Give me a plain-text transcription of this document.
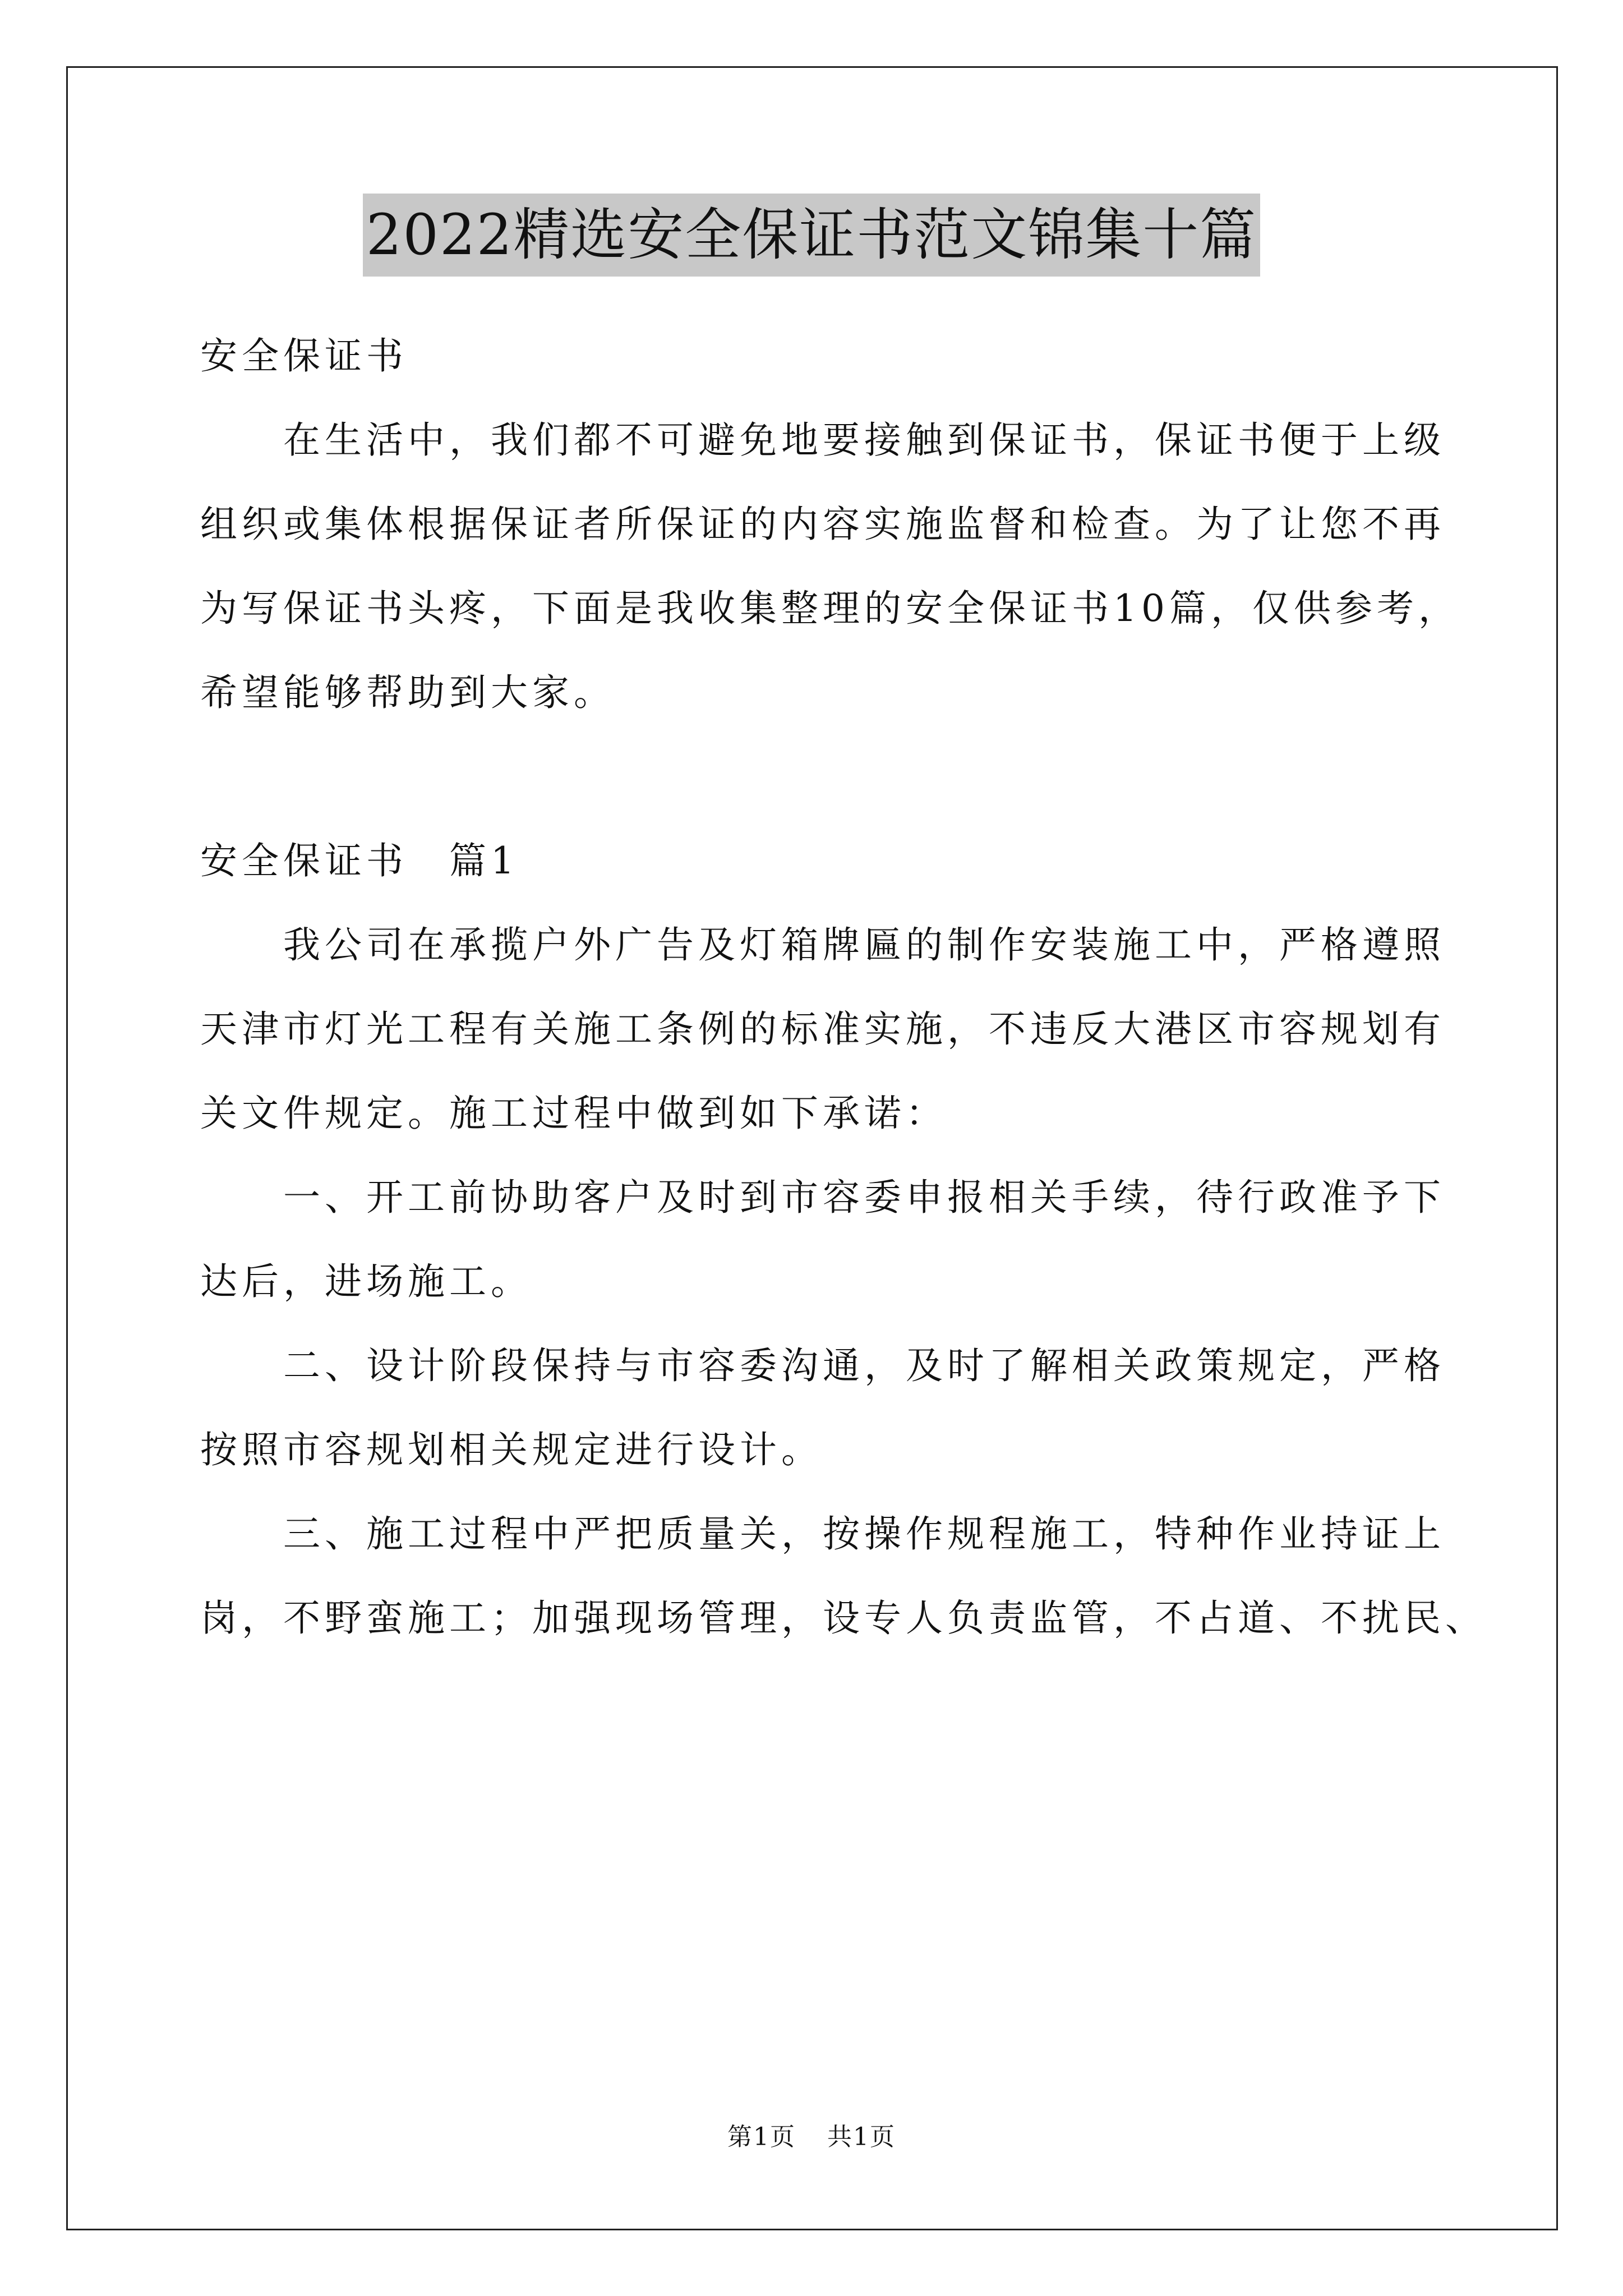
2022精选安全保证书范文锦集十篇

安全保证书

　　在生活中，我们都不可避免地要接触到保证书，保证书便于上级

组织或集体根据保证者所保证的内容实施监督和检查。为了让您不再

为写保证书头疼，下面是我收集整理的安全保证书10篇，仅供参考，

希望能够帮助到大家。

安全保证书　篇1

　　我公司在承揽户外广告及灯箱牌匾的制作安装施工中，严格遵照

天津市灯光工程有关施工条例的标准实施，不违反大港区市容规划有

关文件规定。施工过程中做到如下承诺：

　　一、开工前协助客户及时到市容委申报相关手续，待行政准予下

达后，进场施工。

　　二、设计阶段保持与市容委沟通，及时了解相关政策规定，严格

按照市容规划相关规定进行设计。

　　三、施工过程中严把质量关，按操作规程施工，特种作业持证上

岗，不野蛮施工；加强现场管理，设专人负责监管，不占道、不扰民、

第1页 共1页
